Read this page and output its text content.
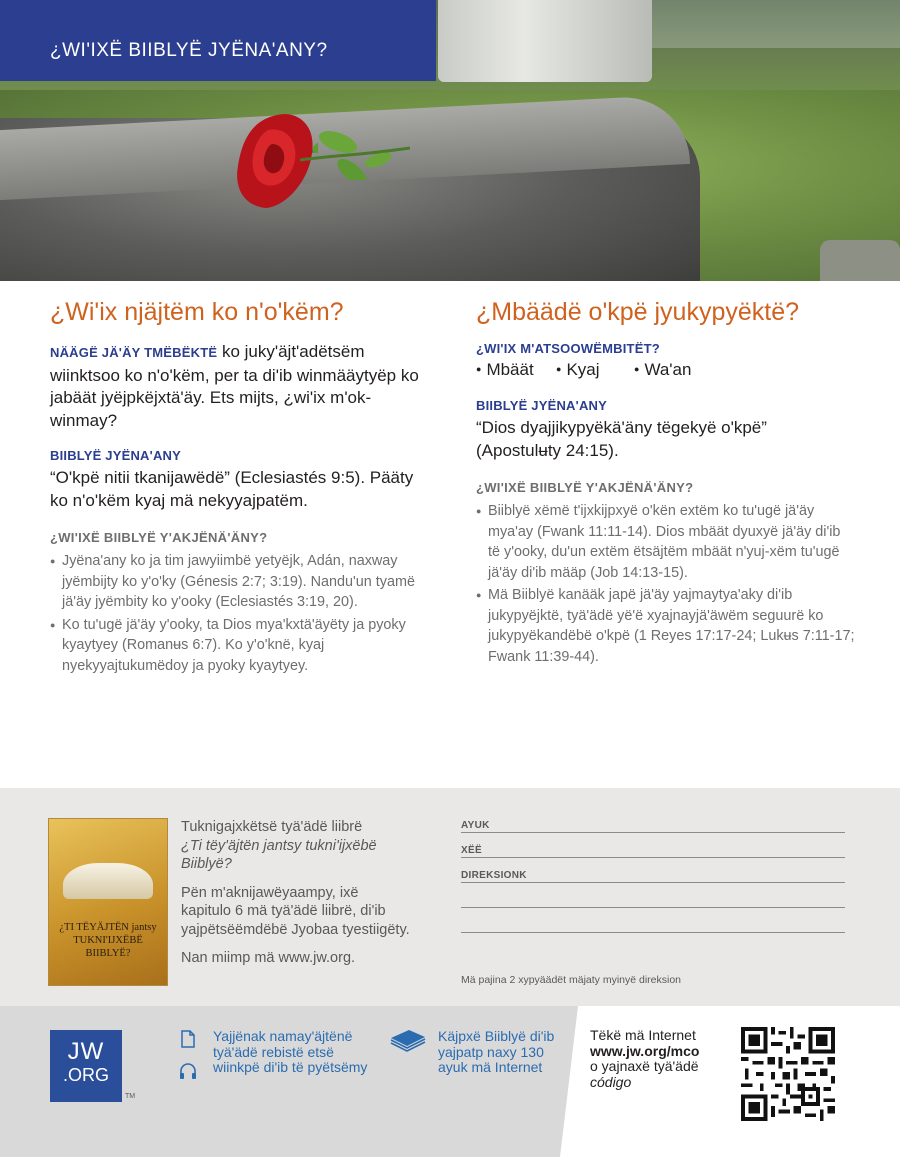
¿WI'IXË BIIBLYË JYËNA'ANY?
¿Wi'ix njäjtëm ko n'o'këm?
NÄÄGË JÄ'ÄY TMËBËKTË ko juky'äjt'adëtsëm wiinktsoo ko n'o'këm, per ta di'ib winmääytyëp ko jabäät jyëjpkëjxtä'äy. Ets mijts, ¿wi'ix m'ok-winmay?
BIIBLYË JYËNA'ANY
“O'kpë nitii tkanijawëdë” (Eclesiastés 9:5). Pääty ko n'o'këm kyaj mä nekyyajpatëm.
¿WI'IXË BIIBLYË Y'AKJËNÄ'ÄNY?
● Jyëna'any ko ja tim jawyiimbë yetyëjk, Adán, naxway jyëmbijty ko y'o'ky (Génesis 2:7; 3:19). Nandu'un tyamë jä'äy jyëmbity ko y'ooky (Eclesiastés 3:19, 20).
● Ko tu'ugë jä'äy y'ooky, ta Dios mya'kxtä'äyëty ja pyoky kyaytyey (Romanʉs 6:7). Ko y'o'knë, kyaj nyekyyajtukumëdoy ja pyoky kyaytyey.
¿Mbäädë o'kpë jyukypyëktë?
¿WI'IX M'ATSOOWËMBITËT?
● Mbäät	● Kyaj	● Wa'an
BIIBLYË JYËNA'ANY
“Dios dyajjikypyëkä'äny tëgekyë o'kpë” (Apostulʉty 24:15).
¿WI'IXË BIIBLYË Y'AKJËNÄ'ÄNY?
● Biiblyë xëmë t'ijxkijpxyë o'kën extëm ko tu'ugë jä'äy mya'ay (Fwank 11:11-14). Dios mbäät dyuxyë jä'äy di'ib të y'ooky, du'un extëm ëtsäjtëm mbäät n'yuj-xëm tu'ugë jä'äy di'ib määp (Job 14:13-15).
● Mä Biiblyë kanääk japë jä'äy yajmaytya'aky di'ib jukypyëjktë, tyä'ädë yë'ë xyajnayjä'äwëm seguurë ko jukypyëkandëbë o'kpë (1 Reyes 17:17-24; Lukʉs 7:11-17; Fwank 11:39-44).
¿TI TËYÄJTËN jantsy TUKNI'IJXËBË BIIBLYË?

Tuknigajxkëtsë tyä'ädë liibrë
¿Ti tëy'äjtën jantsy tukni'ijxëbë Biiblyë?

Pën m'aknijawëyaampy, ixë kapitulo 6 mä tyä'ädë liibrë, di'ib yajpëtsëëmdëbë Jyobaa tyestiigëty.

Nan miimp mä www.jw.org.

AYUK
XËË
DIREKSIONK
Mä pajina 2 xypyäädët mäjaty myinyë direksion
JW
.ORG
TM
Yajjënak namay'äjtënë tyä'ädë rebistë etsë wiinkpë di'ib të pyëtsëmy
Käjpxë Biiblyë di'ib yajpatp naxy 130 ayuk mä Internet
Tëkë mä Internet
www.jw.org/mco
o yajnaxë tyä'ädë
código
